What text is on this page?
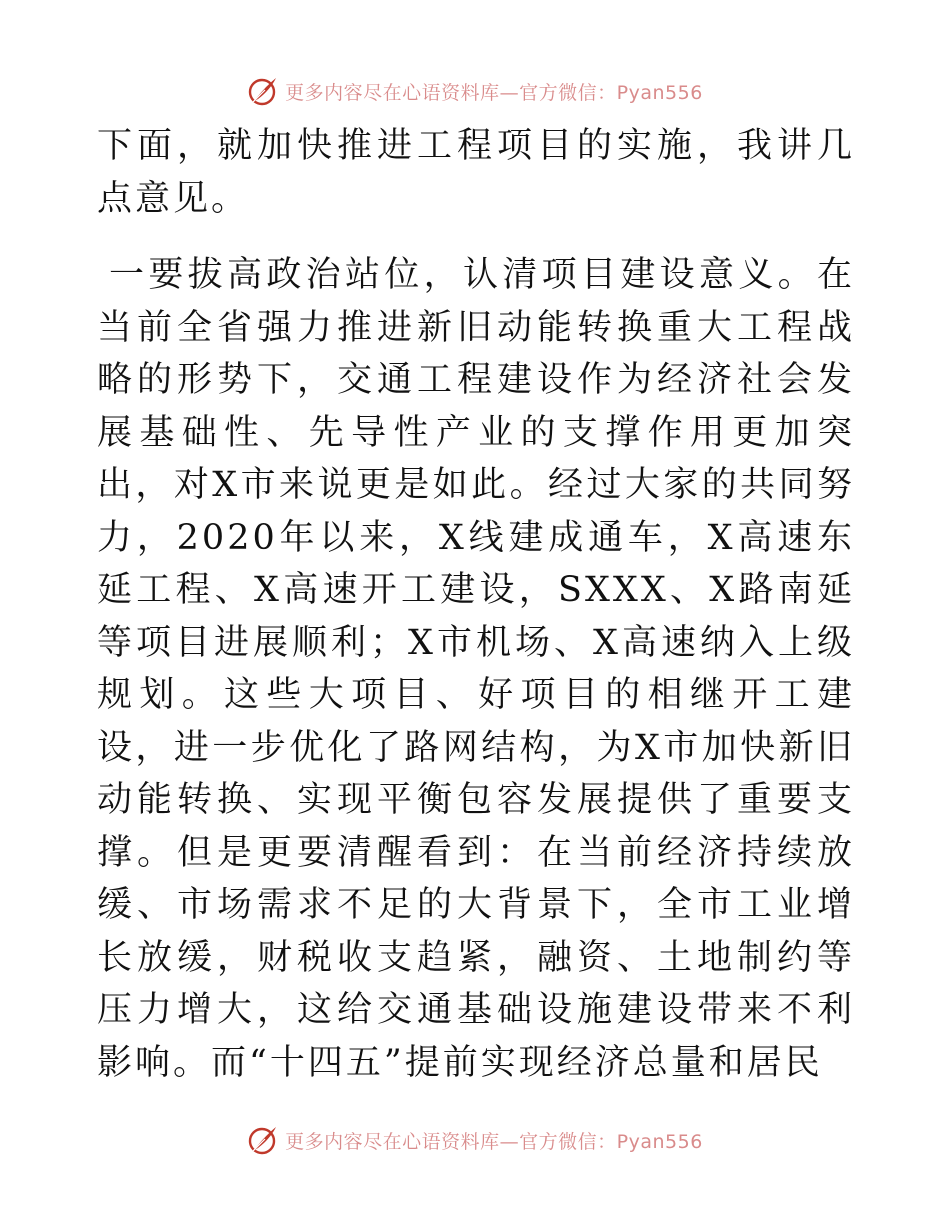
更多内容尽在心语资料库—官方微信：Pyan556

下面，就加快推进工程项目的实施，我讲几点意见。

一要拔高政治站位，认清项目建设意义。在当前全省强力推进新旧动能转换重大工程战略的形势下，交通工程建设作为经济社会发展基础性、先导性产业的支撑作用更加突出，对X市来说更是如此。经过大家的共同努力，2020年以来，X线建成通车，X高速东延工程、X高速开工建设，SXXX、X路南延等项目进展顺利；X市机场、X高速纳入上级规划。这些大项目、好项目的相继开工建设，进一步优化了路网结构，为X市加快新旧动能转换、实现平衡包容发展提供了重要支撑。但是更要清醒看到：在当前经济持续放缓、市场需求不足的大背景下，全市工业增长放缓，财税收支趋紧，融资、土地制约等压力增大，这给交通基础设施建设带来不利影响。而“十四五”提前实现经济总量和居民

更多内容尽在心语资料库—官方微信：Pyan556
